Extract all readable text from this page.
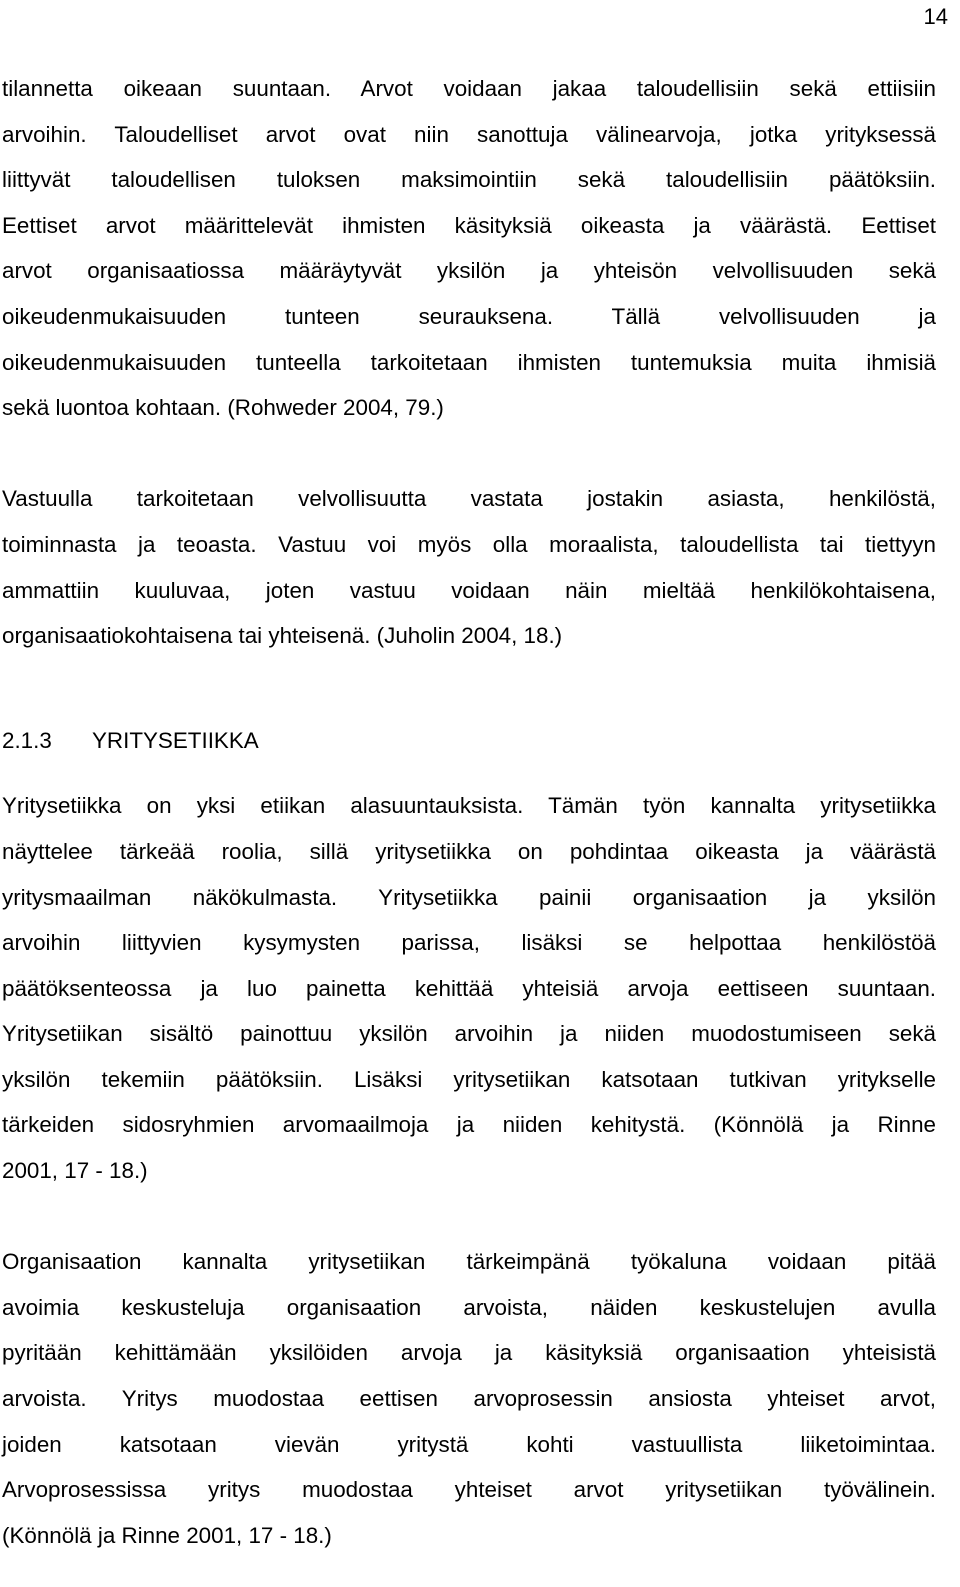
14
tilannetta oikeaan suuntaan. Arvot voidaan jakaa taloudellisiin sekä ettiisiin
arvoihin. Taloudelliset arvot ovat niin sanottuja välinearvoja, jotka yrityksessä
liittyvät taloudellisen tuloksen maksimointiin sekä taloudellisiin päätöksiin.
Eettiset arvot määrittelevät ihmisten käsityksiä oikeasta ja väärästä. Eettiset
arvot organisaatiossa määräytyvät yksilön ja yhteisön velvollisuuden sekä
oikeudenmukaisuuden tunteen seurauksena. Tällä velvollisuuden ja
oikeudenmukaisuuden tunteella tarkoitetaan ihmisten tuntemuksia muita ihmisiä
sekä luontoa kohtaan. (Rohweder 2004, 79.)
Vastuulla tarkoitetaan velvollisuutta vastata jostakin asiasta, henkilöstä,
toiminnasta ja teoasta. Vastuu voi myös olla moraalista, taloudellista tai tiettyyn
ammattiin kuuluvaa, joten vastuu voidaan näin mieltää henkilökohtaisena,
organisaatiokohtaisena tai yhteisenä. (Juholin 2004, 18.)
2.1.3	YRITYSETIIKKA
Yritysetiikka on yksi etiikan alasuuntauksista. Tämän työn kannalta yritysetiikka
näyttelee tärkeää roolia, sillä yritysetiikka on pohdintaa oikeasta ja väärästä
yritysmaailman näkökulmasta. Yritysetiikka painii organisaation ja yksilön
arvoihin liittyvien kysymysten parissa, lisäksi se helpottaa henkilöstöä
päätöksenteossa ja luo painetta kehittää yhteisiä arvoja eettiseen suuntaan.
Yritysetiikan sisältö painottuu yksilön arvoihin ja niiden muodostumiseen sekä
yksilön tekemiin päätöksiin. Lisäksi yritysetiikan katsotaan tutkivan yritykselle
tärkeiden sidosryhmien arvomaailmoja ja niiden kehitystä. (Könnölä ja Rinne
2001, 17 - 18.)
Organisaation kannalta yritysetiikan tärkeimpänä työkaluna voidaan pitää
avoimia keskusteluja organisaation arvoista, näiden keskustelujen avulla
pyritään kehittämään yksilöiden arvoja ja käsityksiä organisaation yhteisistä
arvoista. Yritys muodostaa eettisen arvoprosessin ansiosta yhteiset arvot,
joiden katsotaan vievän yritystä kohti vastuullista liiketoimintaa.
Arvoprosessissa yritys muodostaa yhteiset arvot yritysetiikan työvälinein.
(Könnölä ja Rinne 2001, 17 - 18.)
